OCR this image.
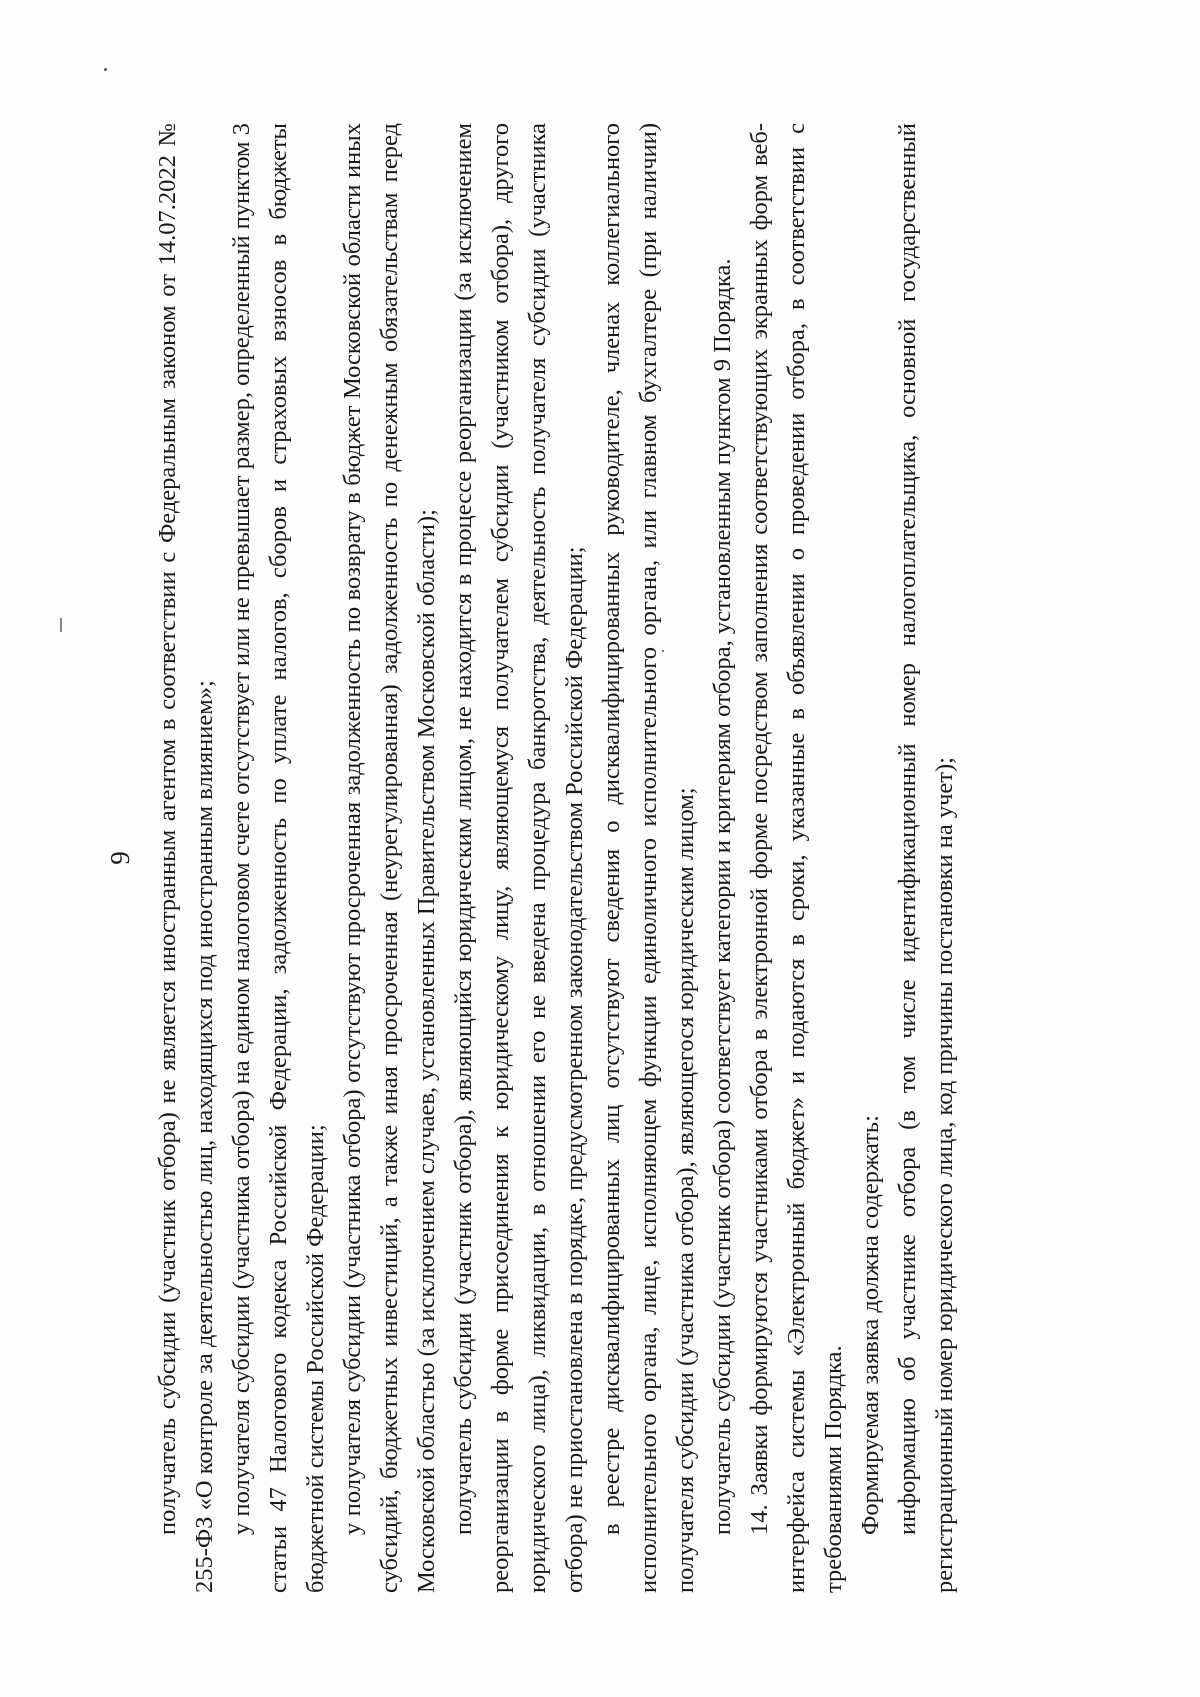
9 получатель субсидии (участник отбора) не является иностранным агентом в соответствии с Федеральным законом от 14.07.2022 № 255-ФЗ «О контроле за деятельностью лиц, находящихся под иностранным влиянием»; у получателя субсидии (участника отбора) на едином налоговом счете отсутствует или не превышает размер, определенный пунктом 3 статьи 47 Налогового кодекса Российской Федерации, задолженность по уплате налогов, сборов и страховых взносов в бюджеты бюджетной системы Российской Федерации; у получателя субсидии (участника отбора) отсутствуют просроченная задолженность по возврату в бюджет Московской области иных субсидий, бюджетных инвестиций, а также иная просроченная (неурегулированная) задолженность по денежным обязательствам перед Московской областью (за исключением случаев, установленных Правительством Московской области); получатель субсидии (участник отбора), являющийся юридическим лицом, не находится в процессе реорганизации (за исключением реорганизации в форме присоединения к юридическому лицу, являющемуся получателем субсидии (участником отбора), другого юридического лица), ликвидации, в отношении его не введена процедура банкротства, деятельность получателя субсидии (участника отбора) не приостановлена в порядке, предусмотренном законодательством Российской Федерации; в реестре дисквалифицированных лиц отсутствуют сведения о дисквалифицированных руководителе, членах коллегиального исполнительного органа, лице, исполняющем функции единоличного исполнительного органа, или главном бухгалтере (при наличии) получателя субсидии (участника отбора), являющегося юридическим лицом; получатель субсидии (участник отбора) соответствует категории и критериям отбора, установленным пунктом 9 Порядка. 14. Заявки формируются участниками отбора в электронной форме посредством заполнения соответствующих экранных форм веб-интерфейса системы «Электронный бюджет» и подаются в сроки, указанные в объявлении о проведении отбора, в соответствии с требованиями Порядка. Формируемая заявка должна содержать: информацию об участнике отбора (в том числе идентификационный номер налогоплательщика, основной государственный регистрационный номер юридического лица, код причины постановки на учет);
